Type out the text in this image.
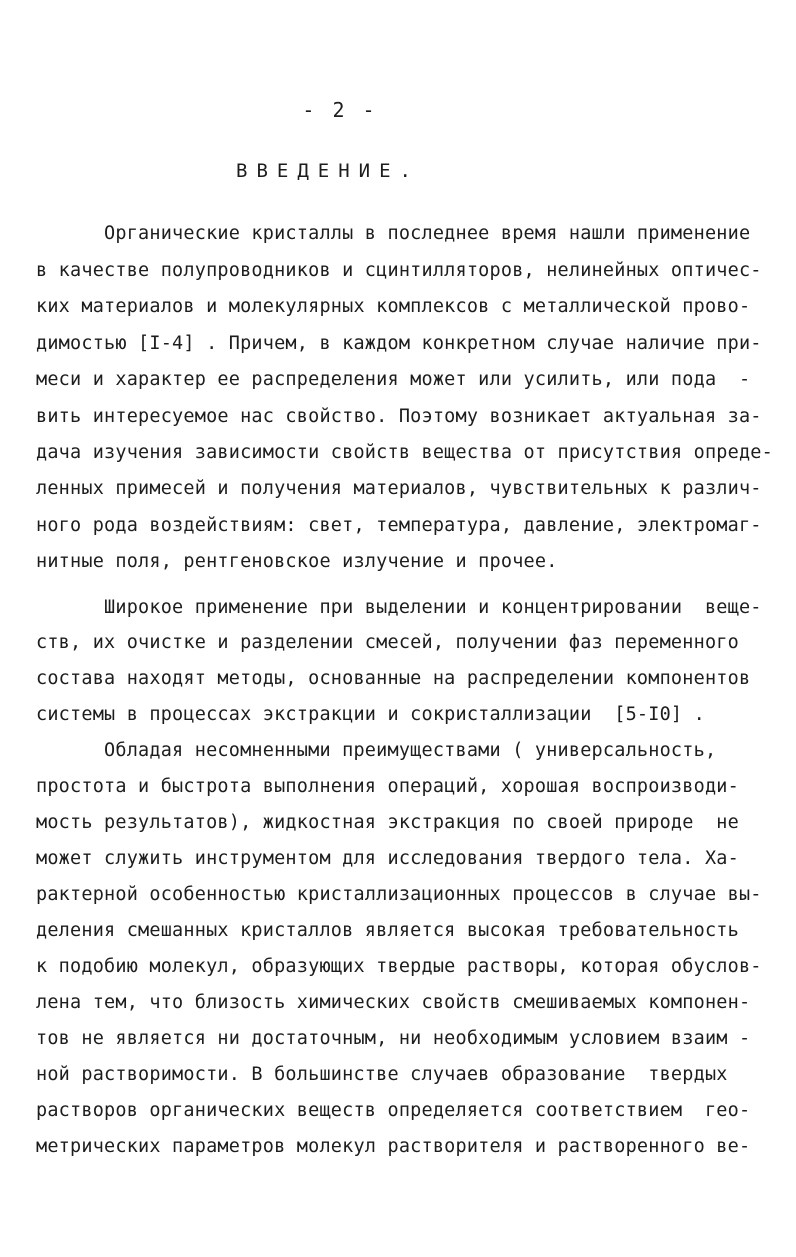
- 2 -
ВВЕДЕНИЕ.
Органические кристаллы в последнее время нашли применение
в качестве полупроводников и сцинтилляторов, нелинейных оптичес-
ких материалов и молекулярных комплексов с металлической прово-
димостью [I-4] . Причем, в каждом конкретном случае наличие при-
меси и характер ее распределения может или усилить, или пода  -
вить интересуемое нас свойство. Поэтому возникает актуальная за-
дача изучения зависимости свойств вещества от присутствия опреде-
ленных примесей и получения материалов, чувствительных к различ-
ного рода воздействиям: свет, температура, давление, электромаг-
нитные поля, рентгеновское излучение и прочее.
Широкое применение при выделении и концентрировании  веще-
ств, их очистке и разделении смесей, получении фаз переменного
состава находят методы, основанные на распределении компонентов
системы в процессах экстракции и сокристаллизации  [5-I0] .
Обладая несомненными преимуществами ( универсальность,
простота и быстрота выполнения операций, хорошая воспроизводи-
мость результатов), жидкостная экстракция по своей природе  не
может служить инструментом для исследования твердого тела. Ха-
рактерной особенностью кристаллизационных процессов в случае вы-
деления смешанных кристаллов является высокая требовательность
к подобию молекул, образующих твердые растворы, которая обуслов-
лена тем, что близость химических свойств смешиваемых компонен-
тов не является ни достаточным, ни необходимым условием взаим -
ной растворимости. В большинстве случаев образование  твердых
растворов органических веществ определяется соответствием  гео-
метрических параметров молекул растворителя и растворенного ве-
